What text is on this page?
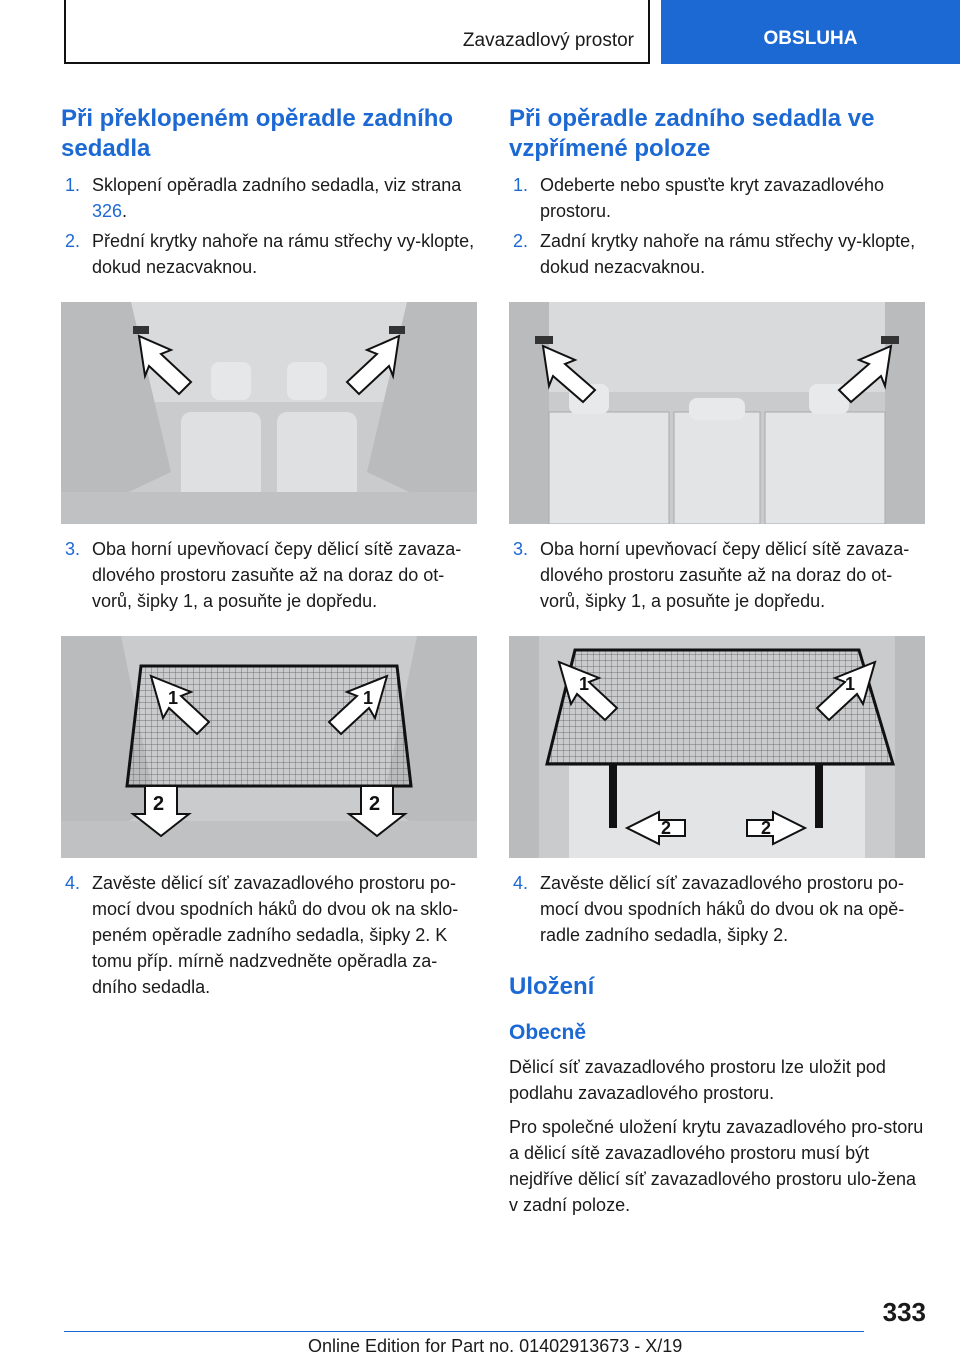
Zavazadlový prostor	OBSLUHA
Při překlopeném opěradle zadního sedadla
1. Sklopení opěradla zadního sedadla, viz strana 326.
2. Přední krytky nahoře na rámu střechy vy‐klopte, dokud nezacvaknou.
3. Oba horní upevňovací čepy dělicí sítě zavaza‐dlového prostoru zasuňte až na doraz do ot‐vorů, šipky 1, a posuňte je dopředu.
1	1
2	2
4. Zavěste dělicí síť zavazadlového prostoru po‐mocí dvou spodních háků do dvou ok na sklo‐peném opěradle zadního sedadla, šipky 2. K tomu příp. mírně nadzvedněte opěradla za‐dního sedadla.
Při opěradle zadního sedadla ve vzpřímené poloze
1. Odeberte nebo spusťte kryt zavazadlového prostoru.
2. Zadní krytky nahoře na rámu střechy vy‐klopte, dokud nezacvaknou.
3. Oba horní upevňovací čepy dělicí sítě zavaza‐dlového prostoru zasuňte až na doraz do ot‐vorů, šipky 1, a posuňte je dopředu.
1	1
2	2
4. Zavěste dělicí síť zavazadlového prostoru po‐mocí dvou spodních háků do dvou ok na opě‐radle zadního sedadla, šipky 2.
Uložení
Obecně

Dělicí síť zavazadlového prostoru lze uložit pod podlahu zavazadlového prostoru.

Pro společné uložení krytu zavazadlového pro‐storu a dělicí sítě zavazadlového prostoru musí být nejdříve dělicí síť zavazadlového prostoru ulo‐žena v zadní poloze.

333
Online Edition for Part no. 01402913673 - X/19
